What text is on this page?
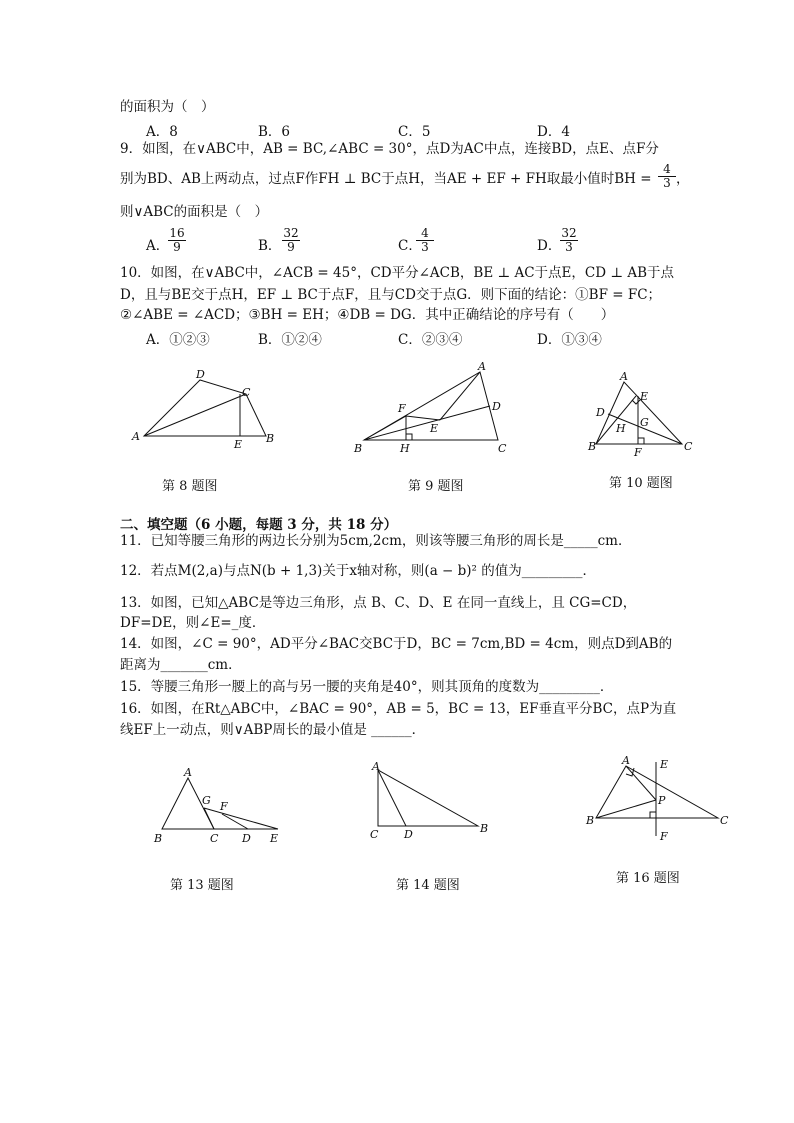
的面积为（　）
A．8	B．6	C．5	D．4
9．如图，在∨ABC中，AB = BC,∠ABC = 30°，点D为AC中点，连接BD，点E、点F分
别为BD、AB上两动点，过点F作FH ⊥ BC于点H，当AE + EF + FH取最小值时BH = $\frac{4}{3}$ ，
则∨ABC的面积是（　）
A．
$\frac{16}{9}$	B． $\frac{32}{9}$	C．
$\frac{4}{3}$	D．
$\frac{32}{3}$
10．如图，在∨ABC中，∠ACB = 45°，CD平分∠ACB，BE ⊥ AC于点E，CD ⊥ AB于点
D，且与BE交于点H，EF ⊥ BC于点F，且与CD交于点G．则下面的结论：①BF = FC；
②∠ABE = ∠ACD；③BH = EH；④DB = DG．其中正确结论的序号有（　　）
A．①②③	B．①②④	C．②③④	D．①③④
A
D
C
E B
第 8 题图
B
A
D
C
F
E
H
第 9 题图
A
E
D
G
H
B	C
F
第 10 题图
二、填空题（6 小题，每题 3 分，共 18 分）
11．已知等腰三角形的两边长分别为5cm,2cm，则该等腰三角形的周长是_____cm．
12．若点M(2,a)与点N(b + 1,3)关于x轴对称，则(a − b)² 的值为_________．
13．如图，已知△ABC是等边三角形，点 B、C、D、E 在同一直线上，且 CG=CD，
DF=DE，则∠E=_度．
14．如图，∠C = 90°，AD平分∠BAC交BC于D，BC = 7cm,BD = 4cm，则点D到AB的
距离为_______cm．
15．等腰三角形一腰上的高与另一腰的夹角是40°，则其顶角的度数为_________．
16．如图，在Rt△ABC中，∠BAC = 90°，AB = 5，BC = 13，EF垂直平分BC，点P为直
线EF上一动点，则∨ABP周长的最小值是 ______．
A
G F
B	C D E
第 13 题图
A
C D	B
第 14 题图
A	E
P
B	C
F
第 16 题图
